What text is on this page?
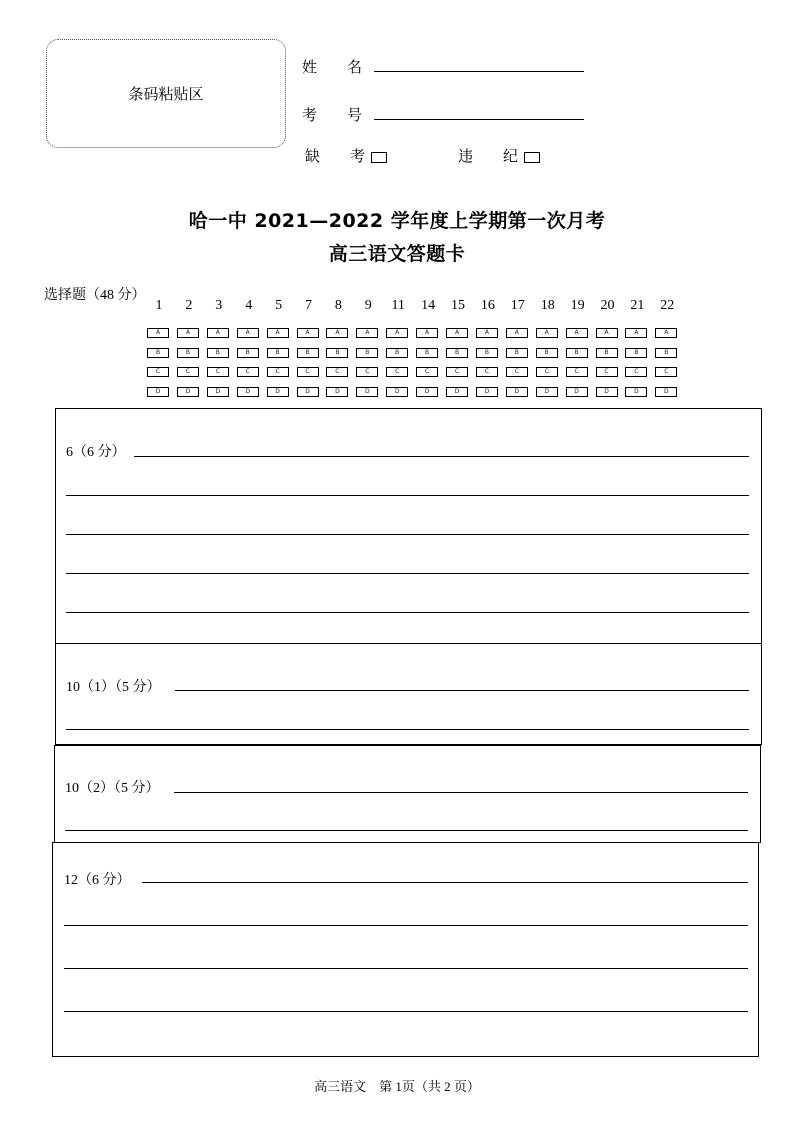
条码粘贴区
姓　　名
考　　号
缺　　考	违　　纪
哈一中 2021—2022 学年度上学期第一次月考
高三语文答题卡
选择题（48 分）
1
A
B
C
D
2
A
B
C
D
3
A
B
C
D
4
A
B
C
D
5
A
B
C
D
7
A
B
C
D
8
A
B
C
D
9
A
B
C
D
11
A
B
C
D
14
A
B
C
D
15
A
B
C
D
16
A
B
C
D
17
A
B
C
D
18
A
B
C
D
19
A
B
C
D
20
A
B
C
D
21
A
B
C
D
22
A
B
C
D
6（6 分）
10（1）（5 分）
10（2）（5 分）
12（6 分）
高三语文　第 1页（共 2 页）
